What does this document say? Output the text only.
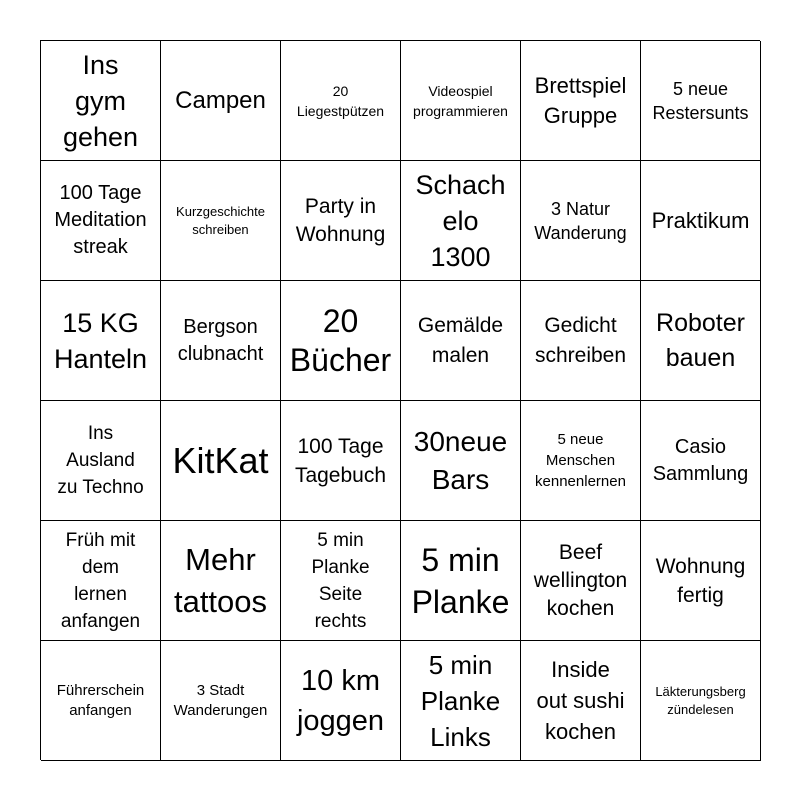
Ins
gym
gehen
Campen	20
Liegestpützen
Videospiel
programmieren
Brettspiel
Gruppe
5 neue
Restersunts
100 Tage
Meditation
streak
Kurzgeschichte
schreiben
Party in
Wohnung
Schach
elo
1300
3 Natur
Wanderung Praktikum
15 KG
Hanteln
Bergson
clubnacht
20
Bücher
Gemälde
malen
Gedicht
schreiben
Roboter
bauen
Ins
Ausland
zu Techno
KitKat 100 Tage
Tagebuch
30neue
Bars
5 neue
Menschen
kennenlernen
Casio
Sammlung
Früh mit
dem
lernen
anfangen
Mehr
tattoos
5 min
Planke
Seite
rechts
5 min
Planke
Beef
wellington
kochen
Wohnung
fertig
Führerschein
anfangen
3 Stadt
Wanderungen
10 km
joggen
5 min
Planke
Links
Inside
out sushi
kochen
Läkterungsberg
zündelesen
